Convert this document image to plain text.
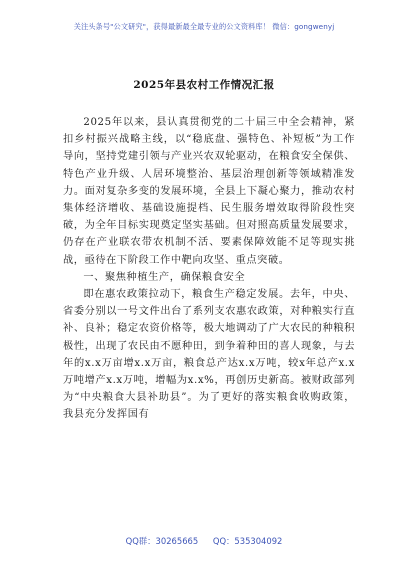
关注头条号"公文研究"，获得最新最全最专业的公文资料库！ 微信：gongwenyj
2025年县农村工作情况汇报

2025年以来，县认真贯彻党的二十届三中全会精神，紧扣乡村振兴战略主线，以“稳底盘、强特色、补短板”为工作导向，坚持党建引领与产业兴农双轮驱动，在粮食安全保供、特色产业升级、人居环境整治、基层治理创新等领域精准发力。面对复杂多变的发展环境，全县上下凝心聚力，推动农村集体经济增收、基础设施提档、民生服务增效取得阶段性突破，为全年目标实现奠定坚实基础。但对照高质量发展要求，仍存在产业联农带农机制不活、要素保障效能不足等现实挑战，亟待在下阶段工作中靶向攻坚、重点突破。

一、聚焦种植生产，确保粮食安全

即在惠农政策拉动下，粮食生产稳定发展。去年，中央、省委分别以一号文件出台了系列支农惠农政策，对种粮实行直补、良补；稳定农资价格等，极大地调动了广大农民的种粮积极性，出现了农民由不愿种田，到争着种田的喜人现象，与去年的x.x万亩增x.x万亩，粮食总产达x.x万吨，较x年总产x.x万吨增产x.x万吨，增幅为x.x%，再创历史新高。被财政部列为“中央粮食大县补助县”。为了更好的落实粮食收购政策，我县充分发挥国有

QQ群：30265665 QQ：535304092
